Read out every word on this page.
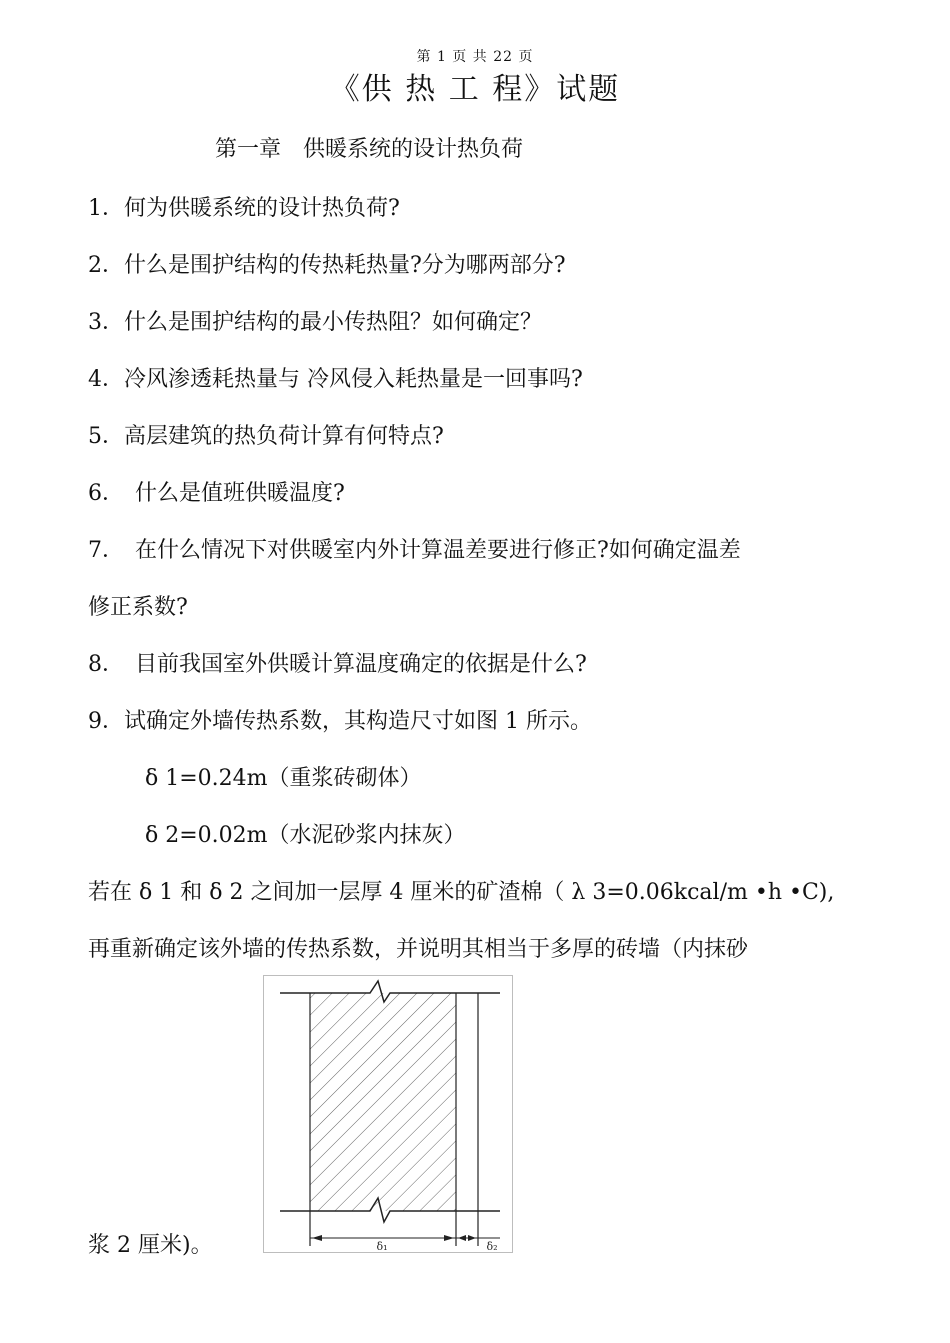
第 1 页 共 22 页
《供 热 工 程》试题
第一章　供暖系统的设计热负荷
1．何为供暖系统的设计热负荷?
2．什么是围护结构的传热耗热量?分为哪两部分?
3．什么是围护结构的最小传热阻？如何确定？
4．冷风渗透耗热量与 冷风侵入耗热量是一回事吗?
5．高层建筑的热负荷计算有何特点?
6．　什么是值班供暖温度?
7．　在什么情况下对供暖室内外计算温差要进行修正?如何确定温差
修正系数?
8．　目前我国室外供暖计算温度确定的依据是什么?
9．试确定外墙传热系数，其构造尺寸如图 1 所示。
δ 1=0.24m（重浆砖砌体）
δ 2=0.02m（水泥砂浆内抹灰）
若在 δ 1 和 δ 2 之间加一层厚 4 厘米的矿渣棉（ λ 3=0.06kcal/m •h •C),
再重新确定该外墙的传热系数，并说明其相当于多厚的砖墙（内抹砂
浆 2 厘米)。	δ₁	δ₂
